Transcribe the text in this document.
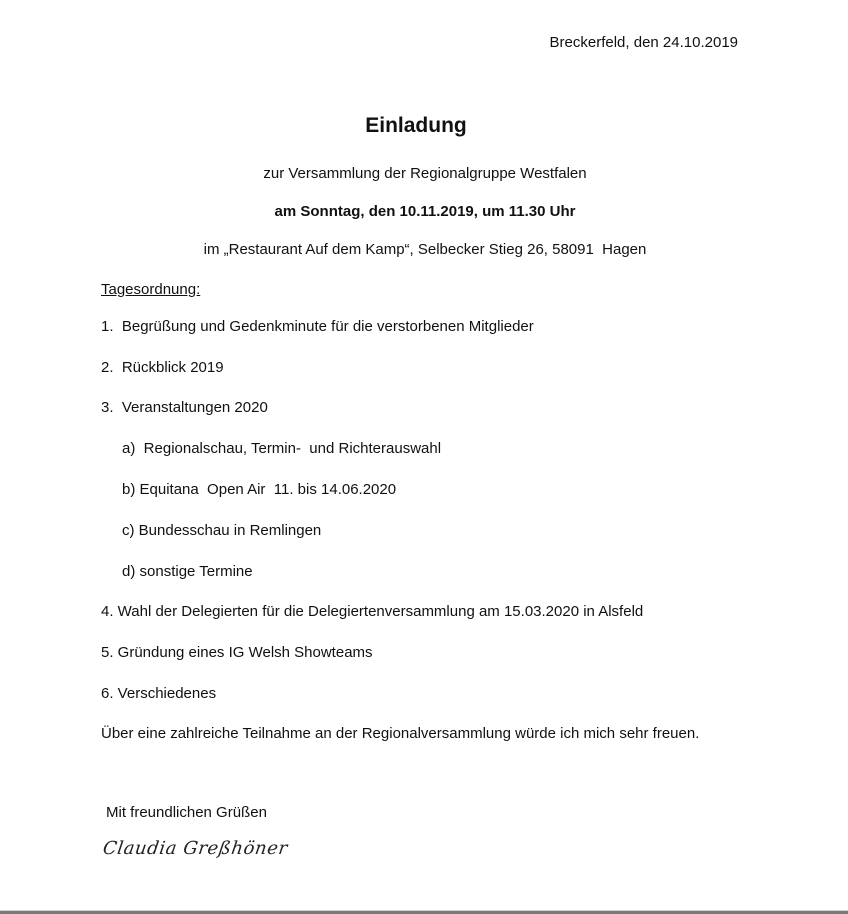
Breckerfeld, den 24.10.2019
Einladung
zur Versammlung der Regionalgruppe Westfalen
am Sonntag, den 10.11.2019, um 11.30 Uhr
im „Restaurant Auf dem Kamp“, Selbecker Stieg 26, 58091  Hagen
Tagesordnung:
1.  Begrüßung und Gedenkminute für die verstorbenen Mitglieder
2.  Rückblick 2019
3.  Veranstaltungen 2020
a)  Regionalschau, Termin-  und Richterauswahl
b) Equitana  Open Air  11. bis 14.06.2020
c) Bundesschau in Remlingen
d) sonstige Termine
4. Wahl der Delegierten für die Delegiertenversammlung am 15.03.2020 in Alsfeld
5. Gründung eines IG Welsh Showteams
6. Verschiedenes
Über eine zahlreiche Teilnahme an der Regionalversammlung würde ich mich sehr freuen.
Mit freundlichen Grüßen
Claudia Greßhöner
